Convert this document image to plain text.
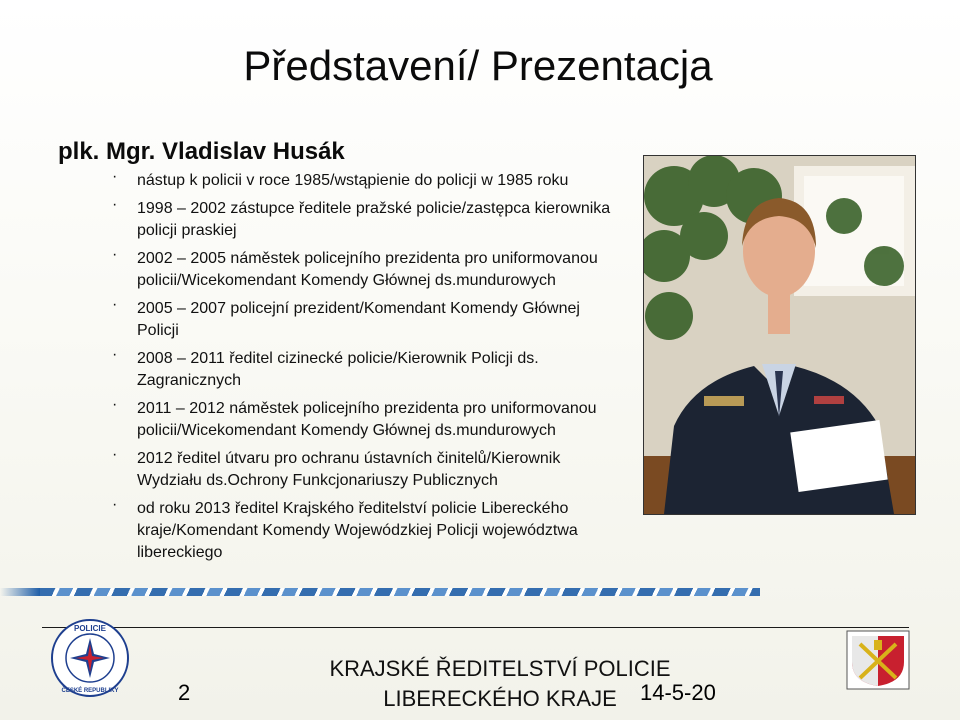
Představení/ Prezentacja
plk. Mgr. Vladislav Husák
· nástup k policii v roce 1985/wstąpienie do policji w 1985 roku
· 1998 – 2002 zástupce ředitele pražské policie/zastępca kierownika policji praskiej
· 2002 – 2005 náměstek policejního prezidenta pro uniformovanou policii/Wicekomendant Komendy Głównej ds.mundurowych
· 2005 – 2007 policejní prezident/Komendant Komendy Głównej Policji
· 2008 – 2011 ředitel cizinecké policie/Kierownik Policji ds. Zagranicznych
· 2011 – 2012 náměstek policejního prezidenta pro uniformovanou policii/Wicekomendant Komendy Głównej ds.mundurowych
· 2012 ředitel útvaru pro ochranu ústavních činitelů/Kierownik Wydziału ds.Ochrony Funkcjonariuszy Publicznych
· od roku 2013 ředitel Krajského ředitelství policie Libereckého kraje/Komendant Komendy Wojewódzkiej Policji województwa libereckiego
POLICIE
ČESKÉ REPUBLIKY	2
KRAJSKÉ ŘEDITELSTVÍ POLICIE
LIBERECKÉHO KRAJE	14-5-20
